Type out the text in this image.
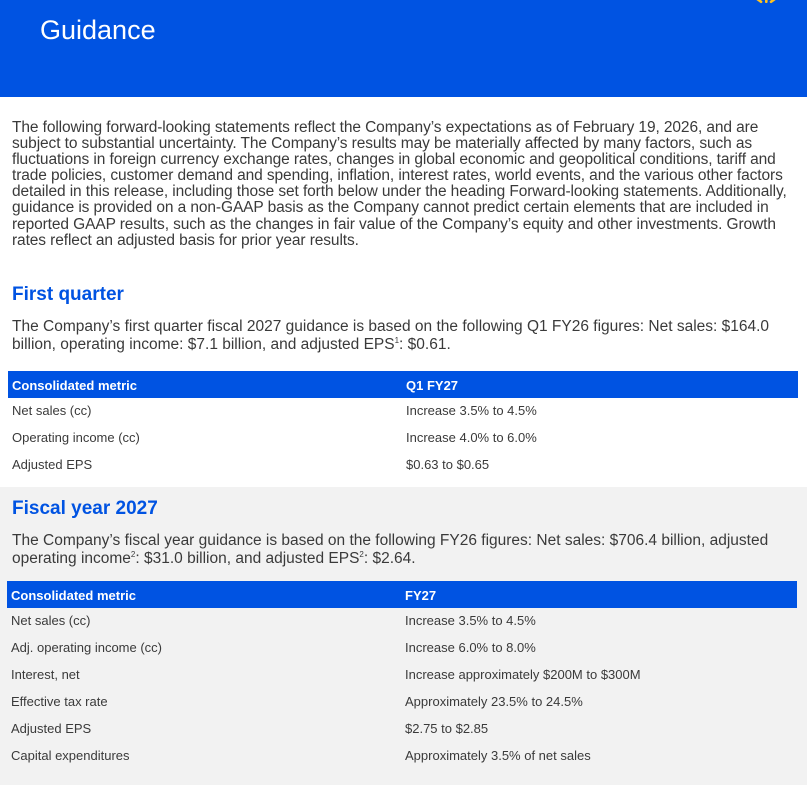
Guidance
The following forward-looking statements reflect the Company’s expectations as of February 19, 2026, and are subject to substantial uncertainty. The Company’s results may be materially affected by many factors, such as fluctuations in foreign currency exchange rates, changes in global economic and geopolitical conditions, tariff and trade policies, customer demand and spending, inflation, interest rates, world events, and the various other factors detailed in this release, including those set forth below under the heading Forward-looking statements. Additionally, guidance is provided on a non-GAAP basis as the Company cannot predict certain elements that are included in reported GAAP results, such as the changes in fair value of the Company’s equity and other investments. Growth rates reflect an adjusted basis for prior year results.
First quarter
The Company’s first quarter fiscal 2027 guidance is based on the following Q1 FY26 figures: Net sales: $164.0 billion, operating income: $7.1 billion, and adjusted EPS$^1$: $0.61.
Consolidated metric	Q1 FY27
Net sales (cc)	Increase 3.5% to 4.5%
Operating income (cc)	Increase 4.0% to 6.0%
Adjusted EPS	$0.63 to $0.65
Fiscal year 2027
The Company’s fiscal year guidance is based on the following FY26 figures: Net sales: $706.4 billion, adjusted operating income$^2$: $31.0 billion, and adjusted EPS$^2$: $2.64.
Consolidated metric	FY27
Net sales (cc)	Increase 3.5% to 4.5%
Adj. operating income (cc)	Increase 6.0% to 8.0%
Interest, net	Increase approximately $200M to $300M
Effective tax rate	Approximately 23.5% to 24.5%
Adjusted EPS	$2.75 to $2.85
Capital expenditures	Approximately 3.5% of net sales
